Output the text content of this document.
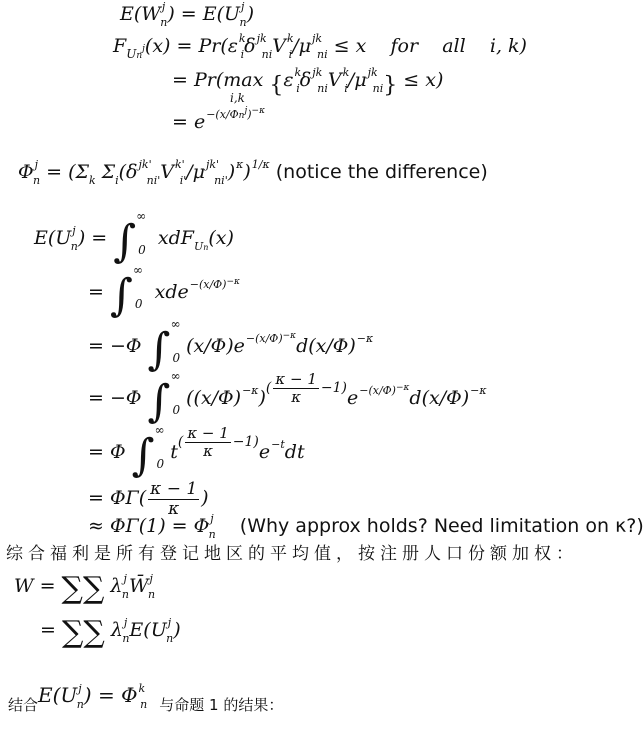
$E(W^j_n) = E(U^j_n)$
$F_{Un^j}(x) = Pr(\varepsilon^k_i\delta^{jk}_{ni}V^k_i/\mu^{jk}_{ni} \le x$    for    all    i, k)
= Pr(max $\{\varepsilon^k_i\delta^{jk}_{ni}V^k_i/\mu^{jk}_{ni}\} \le x$)
i,k
= $e^{-(x/\Phi n^j)^{-\kappa}}$
$\Phi^j_n = (\Sigma_k$ $\Sigma_i(\delta^{jk'}_{ni'}V^{k'}_{i'}/\mu^{jk'}_{ni'})^\kappa)^{1/\kappa}$ (notice the difference)
$E(U^j_n) = \int^\infty_0$  xdF$_{Un}$(x)
= $\int^\infty_0$  xde$^{-(x/\Phi)^{-\kappa}}$
= −Φ $\int^\infty_0$ $(x/\Phi)e^{-(x/\Phi)^{-\kappa}}d(x/\Phi)^{-\kappa}$
= −Φ $\int^\infty_0$ $((x/\Phi)^{-\kappa})^{( \frac{\kappa - 1}{\kappa} -1)}e^{-(x/\Phi)^{-\kappa}}d(x/\Phi)^{-\kappa}$
= Φ $\int^\infty_0$ $t^{( \frac{\kappa - 1}{\kappa} -1)}e^{-t}dt$
= $\Phi\Gamma( \frac{\kappa - 1}{\kappa}$ )
≈ $\Phi\Gamma(1) = \Phi^j_n$ (Why approx holds? Need limitation on κ?)
综合福利是所有登记地区的平均值，按注册人口份额加权：
W = ∑∑ $\lambda^j_nW̄^j_n$
= ∑∑ $\lambda^j_nE(U^j_n)$
结合$E(U^j_n) = \Phi^k_n$ 与命题 1 的结果：
